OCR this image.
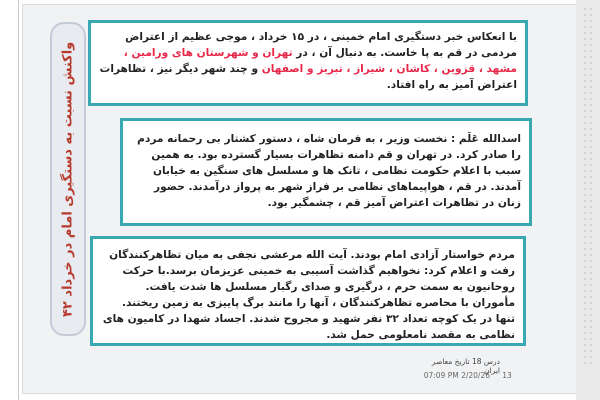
واکنش نسبت به دستگیری امام در خرداد ۴۲

با انعکاس خبر دستگیری امام خمینی ، در ۱۵ خرداد ، موجی عظیم از اعتراض مردمی در قم به پا خاست. به دنبال آن ، در تهران و شهرستان های ورامین ، مشهد ، قزوین ، کاشان ، شیراز ، تبریز و اصفهان و چند شهر دیگر نیز ، تظاهرات اعتراض آمیز به راه افتاد.

اسدالله عَلَم : نخست وزیر ، به فرمان شاه ، دستور کشتار بی رحمانه مردم را صادر کرد. در تهران و قم دامنه تظاهرات بسیار گسترده بود. به همین سبب با اعلام حکومت نظامی ، تانک ها و مسلسل های سنگین به خیابان آمدند. در قم ، هواپیماهای نظامی بر فراز شهر به پرواز درآمدند. حضور زنان در تظاهرات اعتراض آمیز قم ، چشمگیر بود.

مردم خواستار آزادی امام بودند. آیت الله مرعشی نجفی به میان تظاهرکنندگان رفت و اعلام کرد: نخواهیم گذاشت آسیبی به خمینی عزیزمان برسد.با حرکت روحانیون به سمت حرم ، درگیری و صدای رگبار مسلسل ها شدت یافت. مأموران با محاصره تظاهرکنندگان ، آنها را مانند برگ پاییزی به زمین ریختند. تنها در یک کوچه تعداد ۳۲ نفر شهید و مجروح شدند. اجساد شهدا در کامیون های نظامی به مقصد نامعلومی حمل شد.

درس 18 تاریخ معاصر ایران
13
07:09 PM 2/20/26
